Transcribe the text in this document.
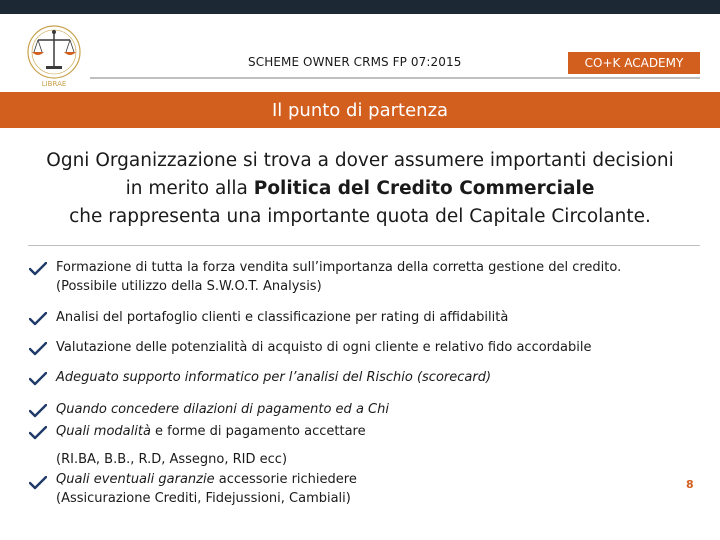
LIBRAE
SCHEME OWNER CRMS FP 07:2015	CO+K ACADEMY
Il punto di partenza
Ogni Organizzazione si trova a dover assumere importanti decisioni
in merito alla Politica del Credito Commerciale
che rappresenta una importante quota del Capitale Circolante.
Formazione di tutta la forza vendita sull’importanza della corretta gestione del credito.
(Possibile utilizzo della S.W.O.T. Analysis)
Analisi del portafoglio clienti e classificazione per rating di affidabilità
Valutazione delle potenzialità di acquisto di ogni cliente e relativo fido accordabile
Adeguato supporto informatico per l’analisi del Rischio (scorecard)
Quando concedere dilazioni di pagamento ed a Chi
Quali modalità e forme di pagamento accettare
(RI.BA, B.B., R.D, Assegno, RID ecc)
Quali eventuali garanzie accessorie richiedere
(Assicurazione Crediti, Fidejussioni, Cambiali)
8
